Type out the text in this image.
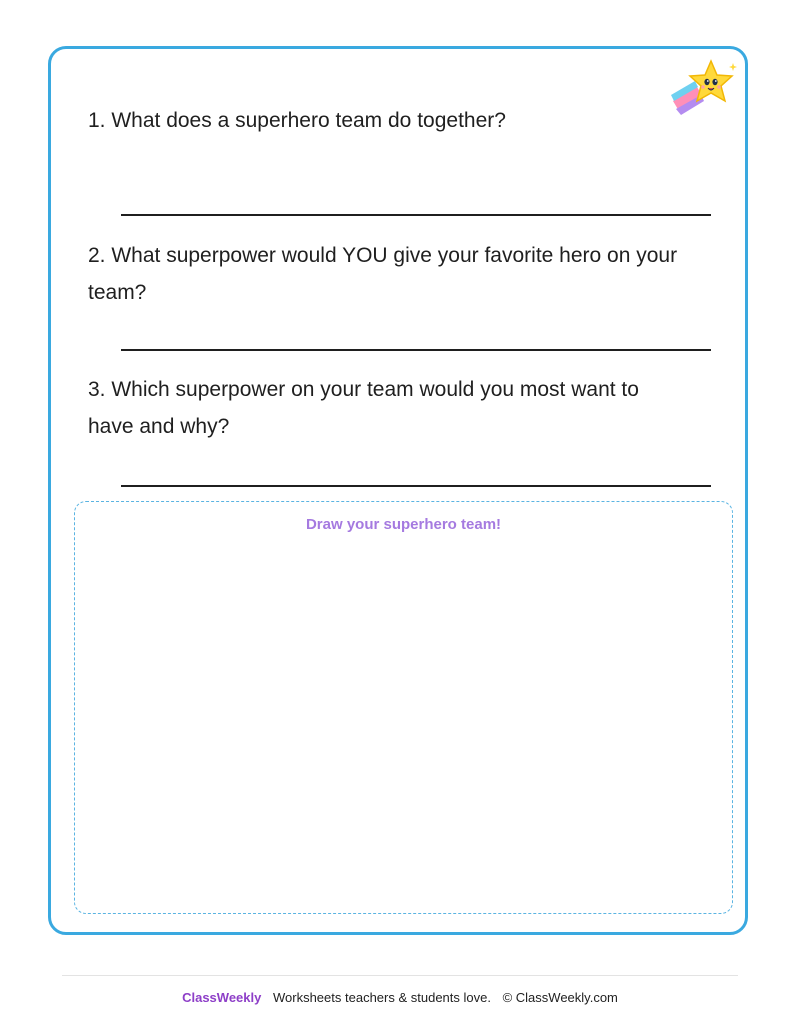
1. What does a superhero team do together?

2. What superpower would YOU give your favorite hero on your team?

3. Which superpower on your team would you most want to have and why?

Draw your superhero team!
ClassWeekly Worksheets teachers & students love. © ClassWeekly.com
